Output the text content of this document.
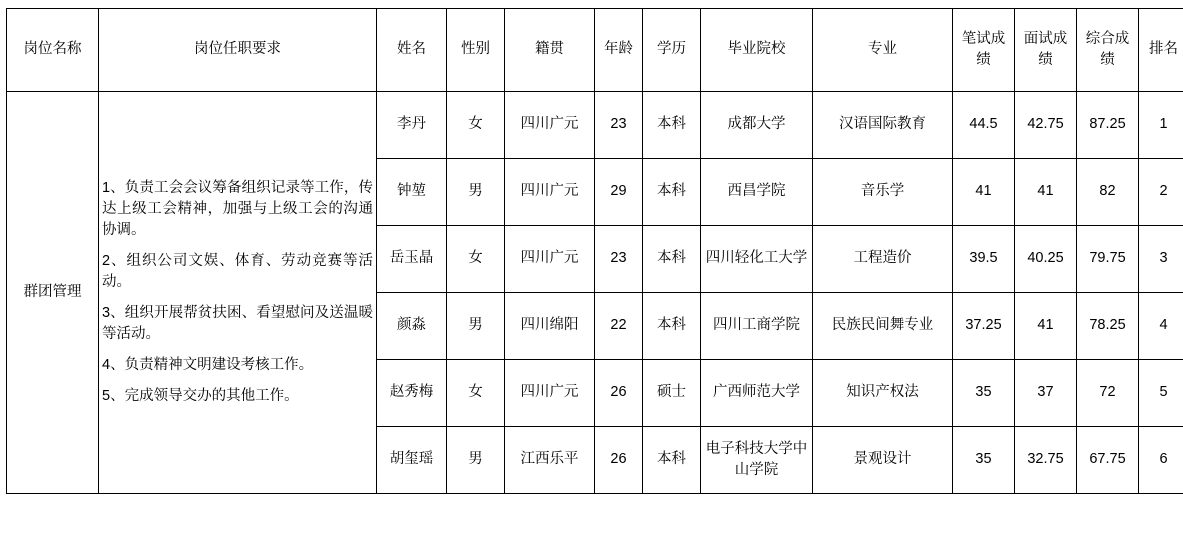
岗位名称	岗位任职要求	姓名	性别	籍贯	年龄	学历	毕业院校	专业	笔试成绩	面试成绩	综合成绩	排名
群团管理	1、负责工会会议筹备组织记录等工作，传达上级工会精神，加强与上级工会的沟通协调。

2、组织公司文娱、体育、劳动竞赛等活动。

3、组织开展帮贫扶困、看望慰问及送温暖等活动。

4、负责精神文明建设考核工作。

5、完成领导交办的其他工作。	李丹	女	四川广元	23	本科	成都大学	汉语国际教育	44.5	42.75	87.25	1
		钟堃	男	四川广元	29	本科	西昌学院	音乐学	41	41	82	2
		岳玉晶	女	四川广元	23	本科	四川轻化工大学	工程造价	39.5	40.25	79.75	3
		颜淼	男	四川绵阳	22	本科	四川工商学院	民族民间舞专业	37.25	41	78.25	4
		赵秀梅	女	四川广元	26	硕士	广西师范大学	知识产权法	35	37	72	5
		胡玺瑶	男	江西乐平	26	本科	电子科技大学中山学院	景观设计	35	32.75	67.75	6
